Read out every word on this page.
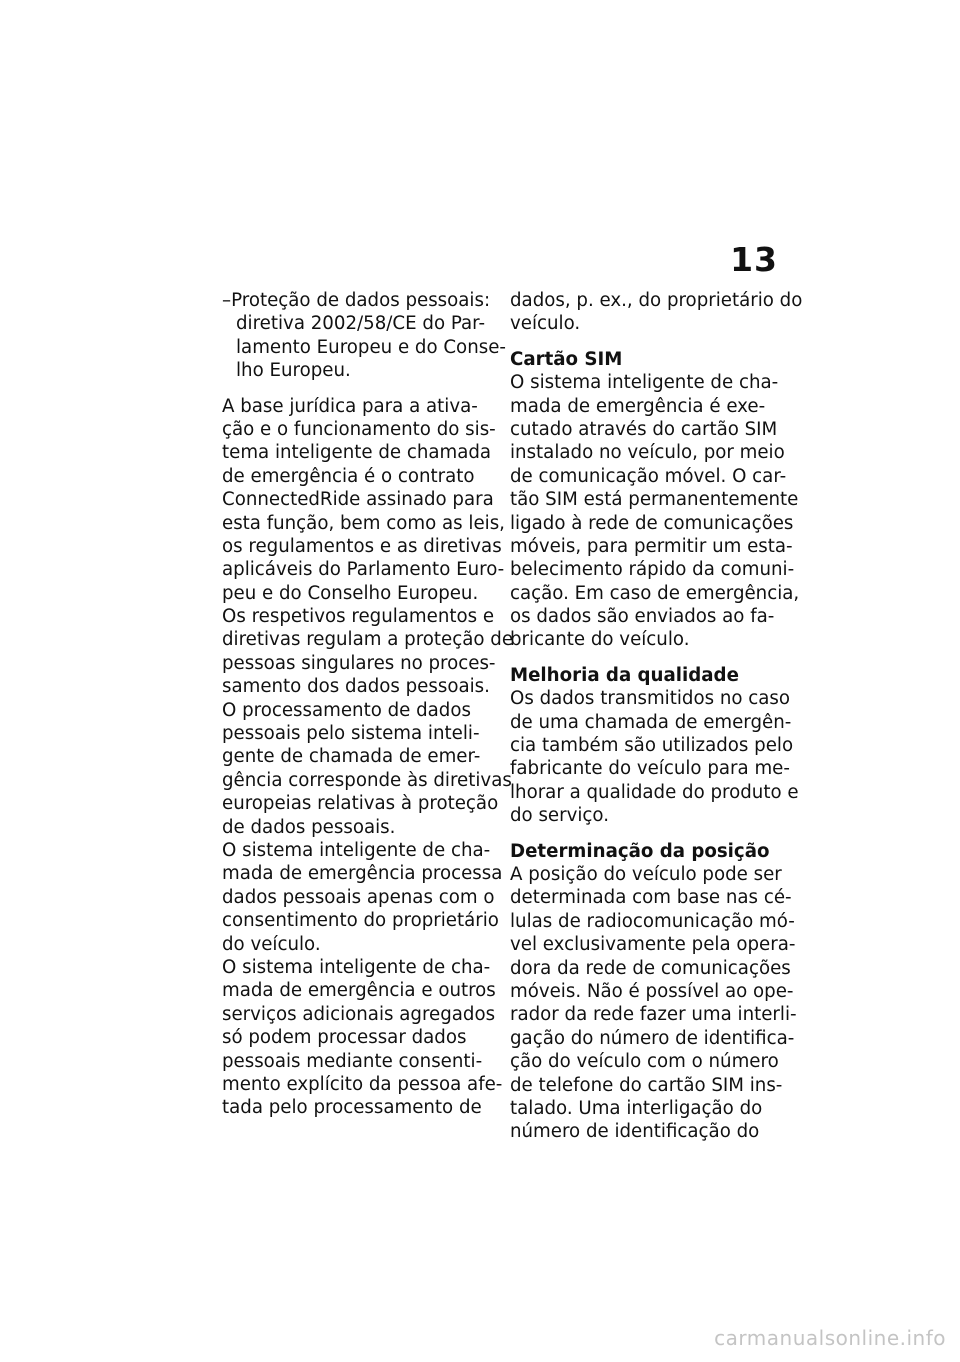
13
–Proteção de dados pessoais:
diretiva 2002/58/CE do Par-
lamento Europeu e do Conse-
lho Europeu.
A base jurídica para a ativa-
ção e o funcionamento do sis-
tema inteligente de chamada
de emergência é o contrato
ConnectedRide assinado para
esta função, bem como as leis,
os regulamentos e as diretivas
aplicáveis do Parlamento Euro-
peu e do Conselho Europeu.
Os respetivos regulamentos e
diretivas regulam a proteção de
pessoas singulares no proces-
samento dos dados pessoais.
O processamento de dados
pessoais pelo sistema inteli-
gente de chamada de emer-
gência corresponde às diretivas
europeias relativas à proteção
de dados pessoais.
O sistema inteligente de cha-
mada de emergência processa
dados pessoais apenas com o
consentimento do proprietário
do veículo.
O sistema inteligente de cha-
mada de emergência e outros
serviços adicionais agregados
só podem processar dados
pessoais mediante consenti-
mento explícito da pessoa afe-
tada pelo processamento de
dados, p. ex., do proprietário do
veículo.
Cartão SIM
O sistema inteligente de cha-
mada de emergência é exe-
cutado através do cartão SIM
instalado no veículo, por meio
de comunicação móvel. O car-
tão SIM está permanentemente
ligado à rede de comunicações
móveis, para permitir um esta-
belecimento rápido da comuni-
cação. Em caso de emergência,
os dados são enviados ao fa-
bricante do veículo.
Melhoria da qualidade
Os dados transmitidos no caso
de uma chamada de emergên-
cia também são utilizados pelo
fabricante do veículo para me-
lhorar a qualidade do produto e
do serviço.
Determinação da posição
A posição do veículo pode ser
determinada com base nas cé-
lulas de radiocomunicação mó-
vel exclusivamente pela opera-
dora da rede de comunicações
móveis. Não é possível ao ope-
rador da rede fazer uma interli-
gação do número de identifica-
ção do veículo com o número
de telefone do cartão SIM ins-
talado. Uma interligação do
número de identificação do
carmanualsonline.info
